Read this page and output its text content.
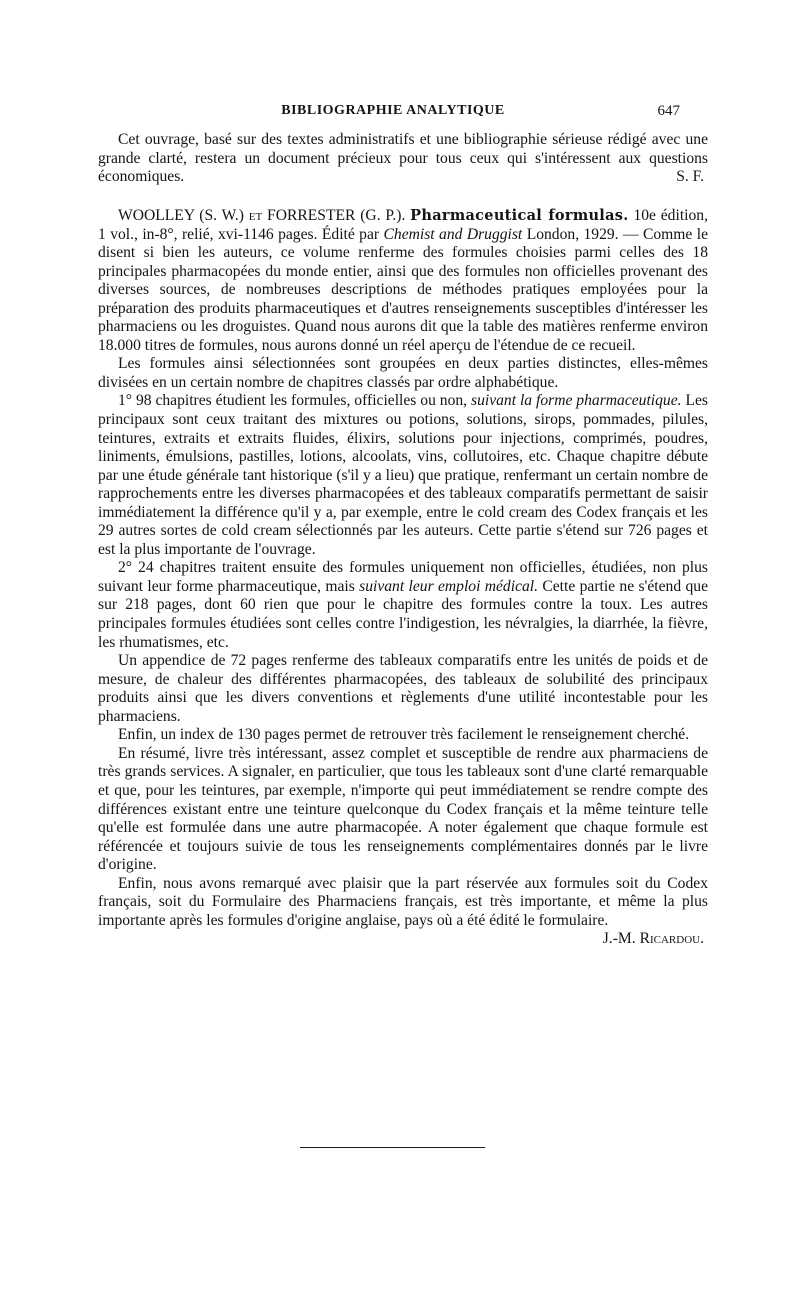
BIBLIOGRAPHIE ANALYTIQUE	647

Cet ouvrage, basé sur des textes administratifs et une bibliographie sérieuse rédigé avec une grande clarté, restera un document précieux pour tous ceux qui s'intéressent aux questions économiques.	S. F.

WOOLLEY (S. W.) et FORRESTER (G. P.). Pharmaceutical formulas. 10e édition, 1 vol., in-8°, relié, xvi-1146 pages. Édité par Chemist and Druggist London, 1929. — Comme le disent si bien les auteurs, ce volume renferme des formules choisies parmi celles des 18 principales pharmacopées du monde entier, ainsi que des formules non officielles provenant des diverses sources, de nombreuses descriptions de méthodes pratiques employées pour la préparation des produits pharmaceutiques et d'autres renseignements susceptibles d'intéresser les pharmaciens ou les droguistes. Quand nous aurons dit que la table des matières renferme environ 18.000 titres de formules, nous aurons donné un réel aperçu de l'étendue de ce recueil.

Les formules ainsi sélectionnées sont groupées en deux parties distinctes, elles-mêmes divisées en un certain nombre de chapitres classés par ordre alphabétique.

1° 98 chapitres étudient les formules, officielles ou non, suivant la forme pharmaceutique. Les principaux sont ceux traitant des mixtures ou potions, solutions, sirops, pommades, pilules, teintures, extraits et extraits fluides, élixirs, solutions pour injections, comprimés, poudres, liniments, émulsions, pastilles, lotions, alcoolats, vins, collutoires, etc. Chaque chapitre débute par une étude générale tant historique (s'il y a lieu) que pratique, renfermant un certain nombre de rapprochements entre les diverses pharmacopées et des tableaux comparatifs permettant de saisir immédiatement la différence qu'il y a, par exemple, entre le cold cream des Codex français et les 29 autres sortes de cold cream sélectionnés par les auteurs. Cette partie s'étend sur 726 pages et est la plus importante de l'ouvrage.

2° 24 chapitres traitent ensuite des formules uniquement non officielles, étudiées, non plus suivant leur forme pharmaceutique, mais suivant leur emploi médical. Cette partie ne s'étend que sur 218 pages, dont 60 rien que pour le chapitre des formules contre la toux. Les autres principales formules étudiées sont celles contre l'indigestion, les névralgies, la diarrhée, la fièvre, les rhumatismes, etc.

Un appendice de 72 pages renferme des tableaux comparatifs entre les unités de poids et de mesure, de chaleur des différentes pharmacopées, des tableaux de solubilité des principaux produits ainsi que les divers conventions et règlements d'une utilité incontestable pour les pharmaciens.

Enfin, un index de 130 pages permet de retrouver très facilement le renseignement cherché.

En résumé, livre très intéressant, assez complet et susceptible de rendre aux pharmaciens de très grands services. A signaler, en particulier, que tous les tableaux sont d'une clarté remarquable et que, pour les teintures, par exemple, n'importe qui peut immédiatement se rendre compte des différences existant entre une teinture quelconque du Codex français et la même teinture telle qu'elle est formulée dans une autre pharmacopée. A noter également que chaque formule est référencée et toujours suivie de tous les renseignements complémentaires donnés par le livre d'origine.

Enfin, nous avons remarqué avec plaisir que la part réservée aux formules soit du Codex français, soit du Formulaire des Pharmaciens français, est très importante, et même la plus importante après les formules d'origine anglaise, pays où a été édité le formulaire.
J.-M. Ricardou.
